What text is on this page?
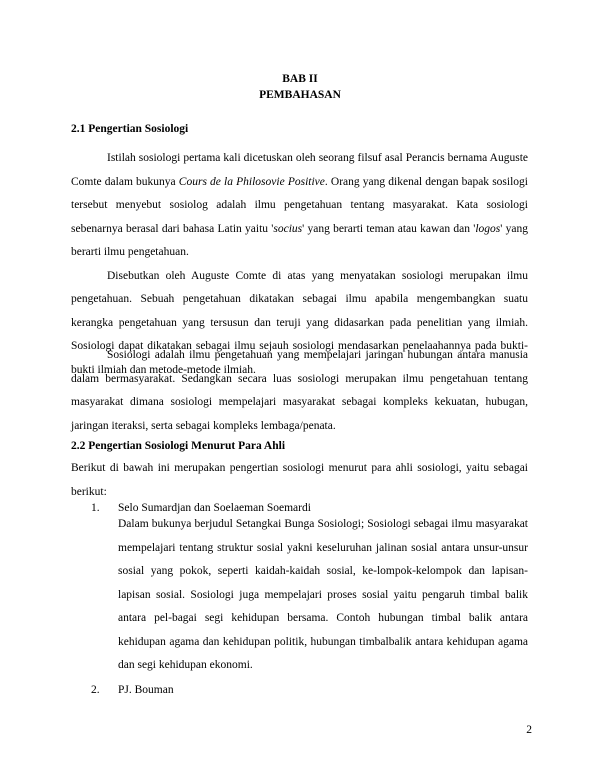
BAB II
PEMBAHASAN
2.1 Pengertian Sosiologi

Istilah sosiologi pertama kali dicetuskan oleh seorang filsuf asal Perancis bernama Auguste Comte dalam bukunya Cours de la Philosovie Positive. Orang yang dikenal dengan bapak sosilogi tersebut menyebut sosiolog adalah ilmu pengetahuan tentang masyarakat. Kata sosiologi sebenarnya berasal dari bahasa Latin yaitu 'socius' yang berarti teman atau kawan dan 'logos' yang berarti ilmu pengetahuan.

Disebutkan oleh Auguste Comte di atas yang menyatakan sosiologi merupakan ilmu pengetahuan. Sebuah pengetahuan dikatakan sebagai ilmu apabila mengembangkan suatu kerangka pengetahuan yang tersusun dan teruji yang didasarkan pada penelitian yang ilmiah. Sosiologi dapat dikatakan sebagai ilmu sejauh sosiologi mendasarkan penelaahannya pada bukti-bukti ilmiah dan metode-metode ilmiah.

Sosiologi adalah ilmu pengetahuan yang mempelajari jaringan hubungan antara manusia dalam bermasyarakat. Sedangkan secara luas sosiologi merupakan ilmu pengetahuan tentang masyarakat dimana sosiologi mempelajari masyarakat sebagai kompleks kekuatan, hubugan, jaringan iteraksi, serta sebagai kompleks lembaga/penata.

2.2 Pengertian Sosiologi Menurut Para Ahli

Berikut di bawah ini merupakan pengertian sosiologi menurut para ahli sosiologi, yaitu sebagai berikut:

1. Selo Sumardjan dan Soelaeman Soemardi
Dalam bukunya berjudul Setangkai Bunga Sosiologi; Sosiologi sebagai ilmu masyarakat mempelajari tentang struktur sosial yakni keseluruhan jalinan sosial antara unsur-unsur sosial yang pokok, seperti kaidah-kaidah sosial, ke-lompok-kelompok dan lapisan-lapisan sosial. Sosiologi juga mempelajari proses sosial yaitu pengaruh timbal balik antara pel-bagai segi kehidupan bersama. Contoh hubungan timbal balik antara kehidupan agama dan kehidupan politik, hubungan timbalbalik antara kehidupan agama dan segi kehidupan ekonomi.
2. PJ. Bouman
2
